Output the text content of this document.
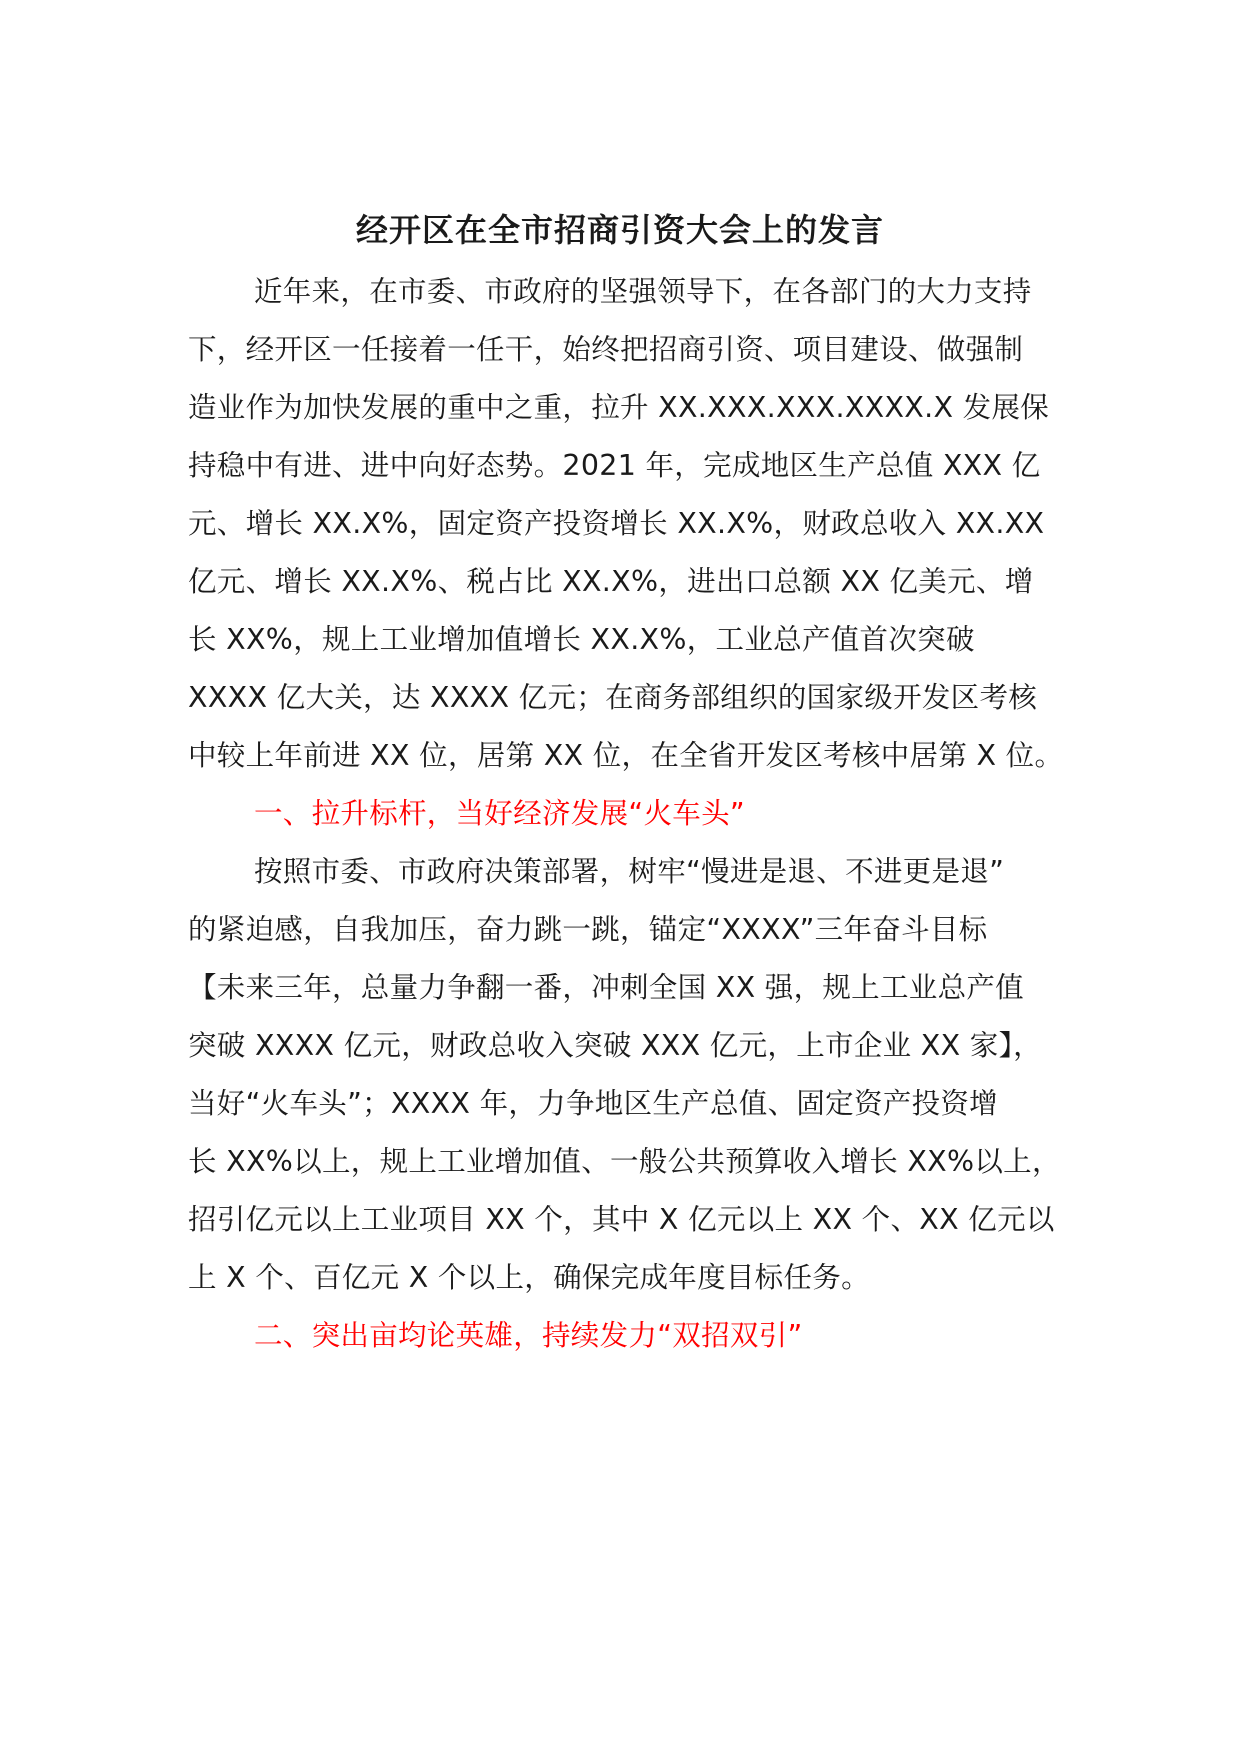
经开区在全市招商引资大会上的发言
近年来，在市委、市政府的坚强领导下，在各部门的大力支持
下，经开区一任接着一任干，始终把招商引资、项目建设、做强制
造业作为加快发展的重中之重，拉升 XX.XXX.XXX.XXXX.X 发展保
持稳中有进、进中向好态势。2021 年，完成地区生产总值 XXX 亿
元、增长 XX.X%，固定资产投资增长 XX.X%，财政总收入 XX.XX
亿元、增长 XX.X%、税占比 XX.X%，进出口总额 XX 亿美元、增
长 XX%，规上工业增加值增长 XX.X%，工业总产值首次突破
XXXX 亿大关，达 XXXX 亿元；在商务部组织的国家级开发区考核
中较上年前进 XX 位，居第 XX 位，在全省开发区考核中居第 X 位。
一、拉升标杆，当好经济发展“火车头”
按照市委、市政府决策部署，树牢“慢进是退、不进更是退”
的紧迫感，自我加压，奋力跳一跳，锚定“XXXX”三年奋斗目标
【未来三年，总量力争翻一番，冲刺全国 XX 强，规上工业总产值
突破 XXXX 亿元，财政总收入突破 XXX 亿元，上市企业 XX 家】，
当好“火车头”；XXXX 年，力争地区生产总值、固定资产投资增
长 XX%以上，规上工业增加值、一般公共预算收入增长 XX%以上，
招引亿元以上工业项目 XX 个，其中 X 亿元以上 XX 个、XX 亿元以
上 X 个、百亿元 X 个以上，确保完成年度目标任务。
二、突出亩均论英雄，持续发力“双招双引”
